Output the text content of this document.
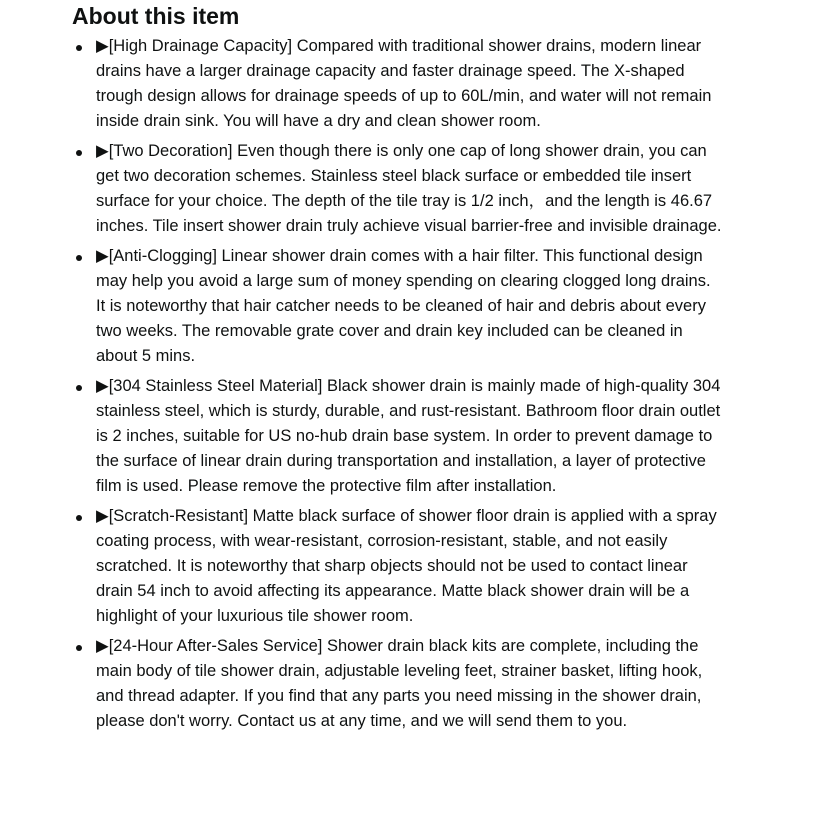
About this item
▶[High Drainage Capacity] Compared with traditional shower drains, modern linear drains have a larger drainage capacity and faster drainage speed. The X-shaped trough design allows for drainage speeds of up to 60L/min, and water will not remain inside drain sink. You will have a dry and clean shower room.
▶[Two Decoration] Even though there is only one cap of long shower drain, you can get two decoration schemes. Stainless steel black surface or embedded tile insert surface for your choice. The depth of the tile tray is 1/2 inch，and the length is 46.67 inches. Tile insert shower drain truly achieve visual barrier-free and invisible drainage.
▶[Anti-Clogging] Linear shower drain comes with a hair filter. This functional design may help you avoid a large sum of money spending on clearing clogged long drains. It is noteworthy that hair catcher needs to be cleaned of hair and debris about every two weeks. The removable grate cover and drain key included can be cleaned in about 5 mins.
▶[304 Stainless Steel Material] Black shower drain is mainly made of high-quality 304 stainless steel, which is sturdy, durable, and rust-resistant. Bathroom floor drain outlet is 2 inches, suitable for US no-hub drain base system. In order to prevent damage to the surface of linear drain during transportation and installation, a layer of protective film is used. Please remove the protective film after installation.
▶[Scratch-Resistant] Matte black surface of shower floor drain is applied with a spray coating process, with wear-resistant, corrosion-resistant, stable, and not easily scratched. It is noteworthy that sharp objects should not be used to contact linear drain 54 inch to avoid affecting its appearance. Matte black shower drain will be a highlight of your luxurious tile shower room.
▶[24-Hour After-Sales Service] Shower drain black kits are complete, including the main body of tile shower drain, adjustable leveling feet, strainer basket, lifting hook, and thread adapter. If you find that any parts you need missing in the shower drain, please don't worry. Contact us at any time, and we will send them to you.
